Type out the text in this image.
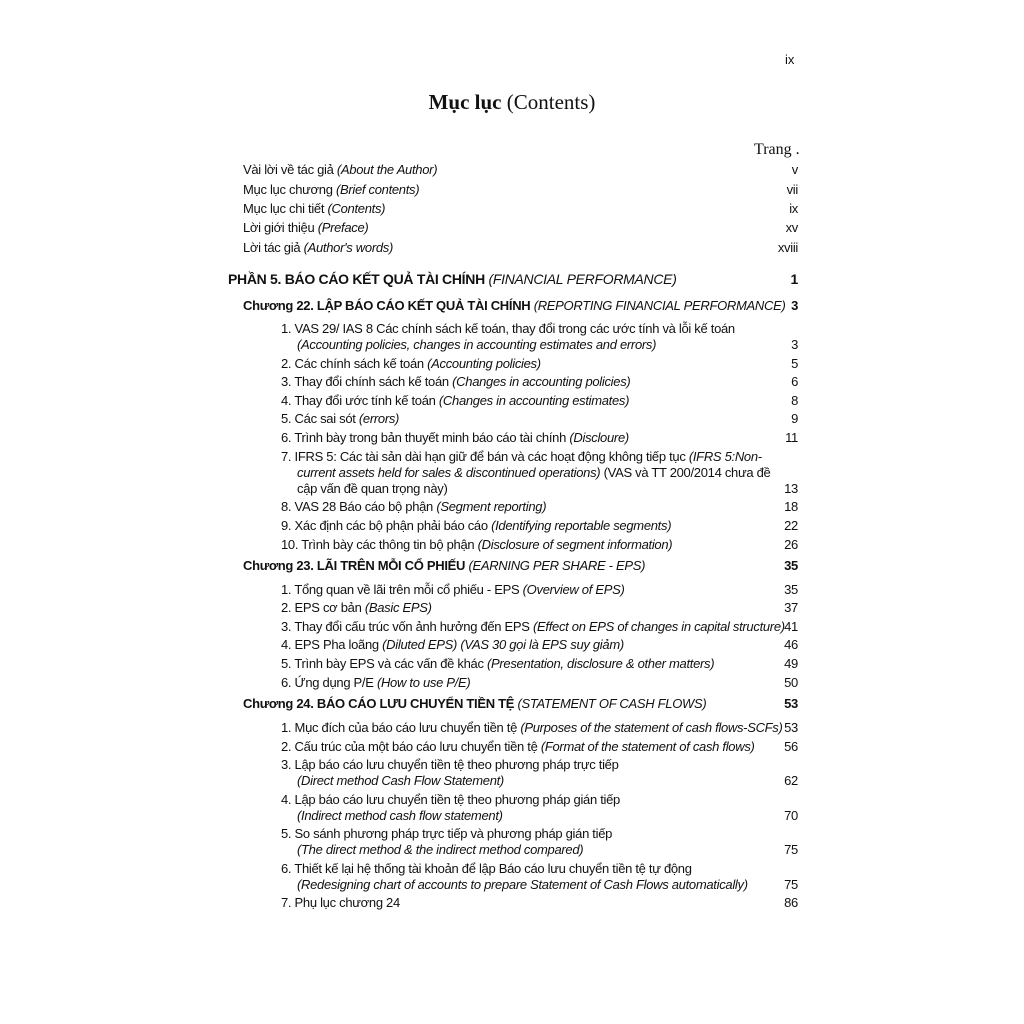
ix
Mục lục (Contents)
Trang .
Vài lời về tác giả (About the Author)	v
Mục lục chương (Brief contents)	vii
Mục lục chi tiết (Contents)	ix
Lời giới thiệu (Preface)	xv
Lời tác giả (Author's words)	xviii
PHẦN 5. BÁO CÁO KẾT QUẢ TÀI CHÍNH (FINANCIAL PERFORMANCE)	1
Chương 22. LẬP BÁO CÁO KẾT QUẢ TÀI CHÍNH (REPORTING FINANCIAL PERFORMANCE) 3
1. VAS 29/ IAS 8 Các chính sách kế toán, thay đổi trong các ước tính và lỗi kế toán
(Accounting policies, changes in accounting estimates and errors)	3
2. Các chính sách kế toán (Accounting policies)	5
3. Thay đổi chính sách kế toán (Changes in accounting policies)	6
4. Thay đổi ước tính kế toán (Changes in accounting estimates)	8
5. Các sai sót (errors)	9
6. Trình bày trong bản thuyết minh báo cáo tài chính (Discloure)	11
7. IFRS 5: Các tài sản dài hạn giữ để bán và các hoạt động không tiếp tục (IFRS 5:Non-
current assets held for sales & discontinued operations) (VAS và TT 200/2014 chưa đề
cập vấn đề quan trọng này)	13
8. VAS 28 Báo cáo bộ phận (Segment reporting)	18
9. Xác định các bộ phận phải báo cáo (Identifying reportable segments)	22
10. Trình bày các thông tin bộ phận (Disclosure of segment information)	26
Chương 23. LÃI TRÊN MỖI CỔ PHIẾU (EARNING PER SHARE - EPS)	35
1. Tổng quan về lãi trên mỗi cổ phiếu - EPS (Overview of EPS)	35
2. EPS cơ bản (Basic EPS)	37
3. Thay đổi cấu trúc vốn ảnh hưởng đến EPS (Effect on EPS of changes in capital structure) 41
4. EPS Pha loãng (Diluted EPS) (VAS 30 gọi là EPS suy giảm)	46
5. Trình bày EPS và các vấn đề khác (Presentation, disclosure & other matters)	49
6. Ứng dụng P/E (How to use P/E)	50
Chương 24. BÁO CÁO LƯU CHUYỂN TIỀN TỆ (STATEMENT OF CASH FLOWS)	53
1. Mục đích của báo cáo lưu chuyển tiền tệ (Purposes of the statement of cash flows-SCFs) 53
2. Cấu trúc của một báo cáo lưu chuyển tiền tệ (Format of the statement of cash flows) 56
3. Lập báo cáo lưu chuyển tiền tệ theo phương pháp trực tiếp
(Direct method Cash Flow Statement)	62
4. Lập báo cáo lưu chuyển tiền tệ theo phương pháp gián tiếp
(Indirect method cash flow statement)	70
5. So sánh phương pháp trực tiếp và phương pháp gián tiếp
(The direct method & the indirect method compared)	75
6. Thiết kế lại hệ thống tài khoản để lập Báo cáo lưu chuyển tiền tệ tự động
(Redesigning chart of accounts to prepare Statement of Cash Flows automatically)	75
7. Phụ lục chương 24	86
